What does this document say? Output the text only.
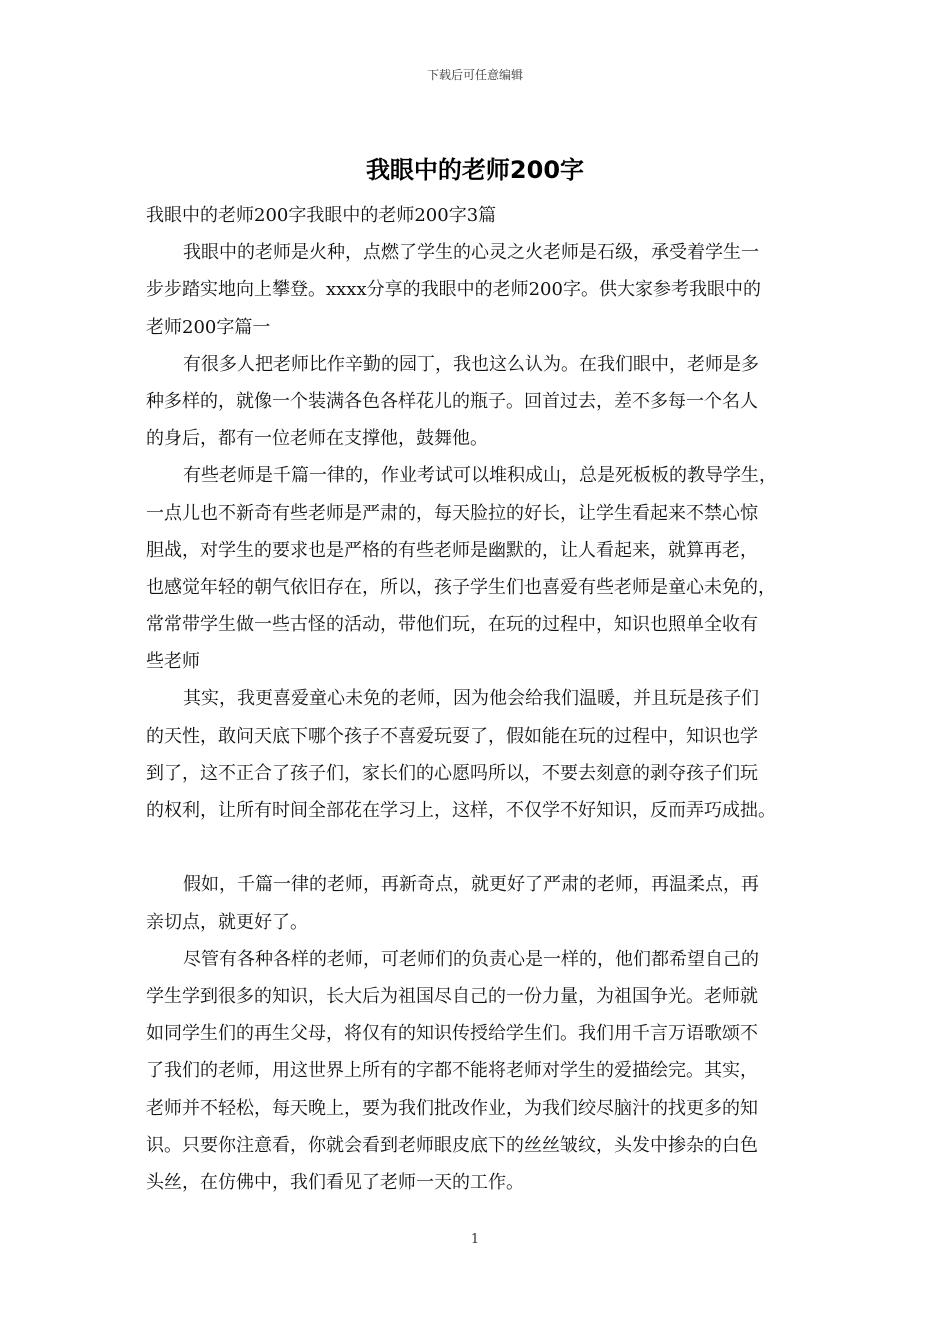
下载后可任意编辑
我眼中的老师200字
我眼中的老师200字我眼中的老师200字3篇
我眼中的老师是火种，点燃了学生的心灵之火老师是石级，承受着学生一
步步踏实地向上攀登。xxxx分享的我眼中的老师200字。供大家参考我眼中的
老师200字篇一
有很多人把老师比作辛勤的园丁，我也这么认为。在我们眼中，老师是多
种多样的，就像一个装满各色各样花儿的瓶子。回首过去，差不多每一个名人
的身后，都有一位老师在支撑他，鼓舞他。
有些老师是千篇一律的，作业考试可以堆积成山，总是死板板的教导学生，
一点儿也不新奇有些老师是严肃的，每天脸拉的好长，让学生看起来不禁心惊
胆战，对学生的要求也是严格的有些老师是幽默的，让人看起来，就算再老，
也感觉年轻的朝气依旧存在，所以，孩子学生们也喜爱有些老师是童心未免的，
常常带学生做一些古怪的活动，带他们玩，在玩的过程中，知识也照单全收有
些老师
其实，我更喜爱童心未免的老师，因为他会给我们温暖，并且玩是孩子们
的天性，敢问天底下哪个孩子不喜爱玩耍了，假如能在玩的过程中，知识也学
到了，这不正合了孩子们，家长们的心愿吗所以，不要去刻意的剥夺孩子们玩
的权利，让所有时间全部花在学习上，这样，不仅学不好知识，反而弄巧成拙。
假如，千篇一律的老师，再新奇点，就更好了严肃的老师，再温柔点，再
亲切点，就更好了。
尽管有各种各样的老师，可老师们的负责心是一样的，他们都希望自己的
学生学到很多的知识，长大后为祖国尽自己的一份力量，为祖国争光。老师就
如同学生们的再生父母，将仅有的知识传授给学生们。我们用千言万语歌颂不
了我们的老师，用这世界上所有的字都不能将老师对学生的爱描绘完。其实，
老师并不轻松，每天晚上，要为我们批改作业，为我们绞尽脑汁的找更多的知
识。只要你注意看，你就会看到老师眼皮底下的丝丝皱纹，头发中掺杂的白色
头丝，在仿佛中，我们看见了老师一天的工作。
1
